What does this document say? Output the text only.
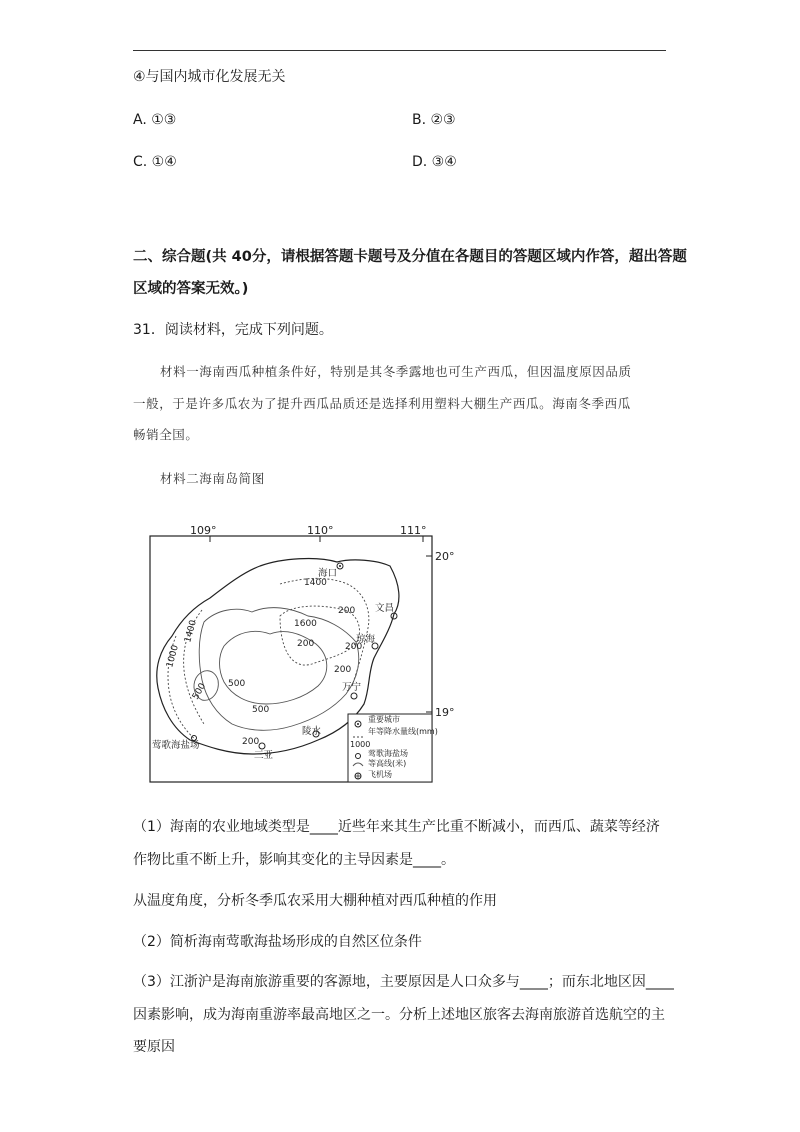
④与国内城市化发展无关
A. ①③	B. ②③
C. ①④	D. ③④
二、综合题(共 40分，请根据答题卡题号及分值在各题目的答题区域内作答，超出答题
区域的答案无效。)
31．阅读材料，完成下列问题。
材料一海南西瓜种植条件好，特别是其冬季露地也可生产西瓜，但因温度原因品质
一般，于是许多瓜农为了提升西瓜品质还是选择利用塑料大棚生产西瓜。海南冬季西瓜
畅销全国。
材料二海南岛简图
109°	110°	111°
20°
19°
1400
1600
1400
1000
500 500
200
200
500
200
200
200
海口
文昌
琼海
万宁
陵水
三亚
莺歌海盐场
重要城市
年等降水量线(mm)
1000
莺歌海盐场
等高线(米)
飞机场
（1）海南的农业地域类型是____近些年来其生产比重不断减小，而西瓜、蔬菜等经济
作物比重不断上升，影响其变化的主导因素是____。
从温度角度，分析冬季瓜农采用大棚种植对西瓜种植的作用
（2）简析海南莺歌海盐场形成的自然区位条件
（3）江浙沪是海南旅游重要的客源地，主要原因是人口众多与____；而东北地区因____
因素影响，成为海南重游率最高地区之一。分析上述地区旅客去海南旅游首选航空的主
要原因
